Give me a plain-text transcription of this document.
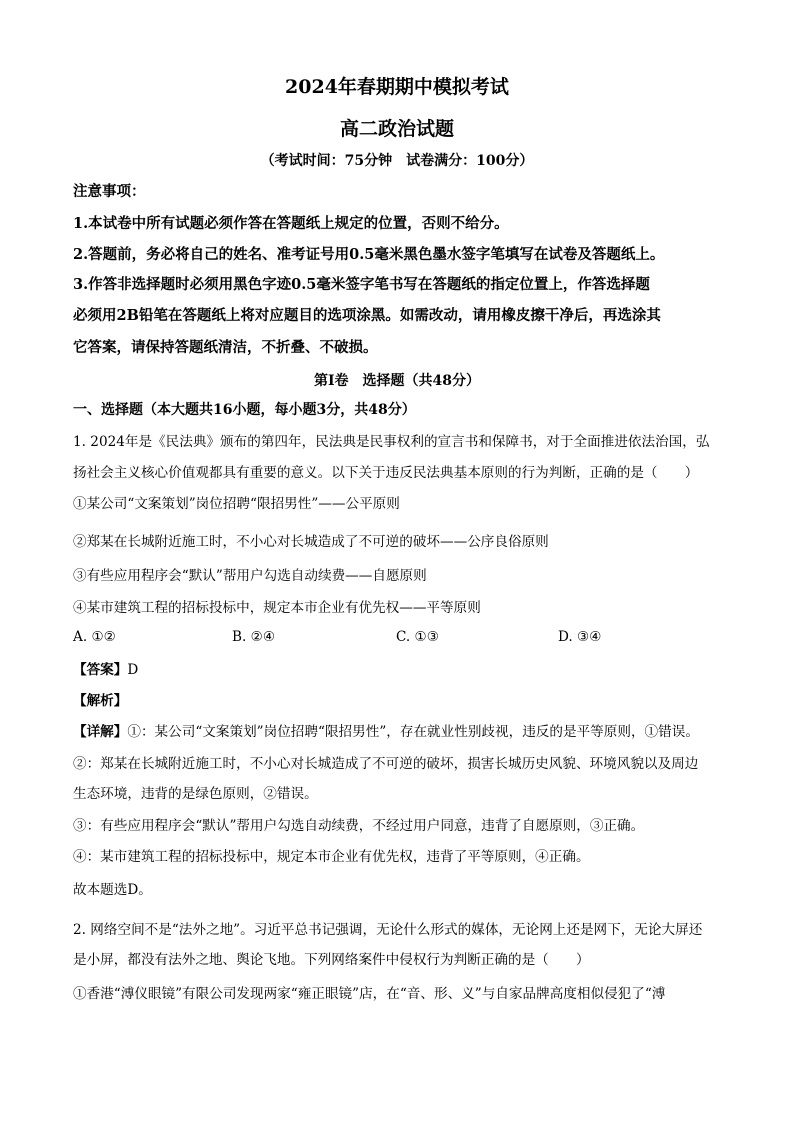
2024年春期期中模拟考试
高二政治试题
（考试时间：75分钟　试卷满分：100分）
注意事项：
1.本试卷中所有试题必须作答在答题纸上规定的位置，否则不给分。
2.答题前，务必将自己的姓名、准考证号用0.5毫米黑色墨水签字笔填写在试卷及答题纸上。
3.作答非选择题时必须用黑色字迹0.5毫米签字笔书写在答题纸的指定位置上，作答选择题
必须用2B铅笔在答题纸上将对应题目的选项涂黑。如需改动，请用橡皮擦干净后，再选涂其
它答案，请保持答题纸清洁，不折叠、不破损。
第Ⅰ卷　选择题（共48分）
一、选择题（本大题共16小题，每小题3分，共48分）
1. 2024年是《民法典》颁布的第四年，民法典是民事权利的宣言书和保障书，对于全面推进依法治国，弘
扬社会主义核心价值观都具有重要的意义。以下关于违反民法典基本原则的行为判断，正确的是（　　）
①某公司“文案策划”岗位招聘“限招男性”——公平原则
②郑某在长城附近施工时，不小心对长城造成了不可逆的破坏——公序良俗原则
③有些应用程序会“默认”帮用户勾选自动续费——自愿原则
④某市建筑工程的招标投标中，规定本市企业有优先权——平等原则
A. ①②	B. ②④	C. ①③	D. ③④
【答案】D
【解析】
【详解】①：某公司“文案策划”岗位招聘“限招男性”，存在就业性别歧视，违反的是平等原则，①错误。
②：郑某在长城附近施工时，不小心对长城造成了不可逆的破坏，损害长城历史风貌、环境风貌以及周边
生态环境，违背的是绿色原则，②错误。
③：有些应用程序会“默认”帮用户勾选自动续费，不经过用户同意，违背了自愿原则，③正确。
④：某市建筑工程的招标投标中，规定本市企业有优先权，违背了平等原则，④正确。
故本题选D。
2. 网络空间不是“法外之地”。习近平总书记强调，无论什么形式的媒体，无论网上还是网下，无论大屏还
是小屏，都没有法外之地、舆论飞地。下列网络案件中侵权行为判断正确的是（　　）
①香港“溥仪眼镜”有限公司发现两家“雍正眼镜”店，在“音、形、义”与自家品牌高度相似侵犯了“溥
